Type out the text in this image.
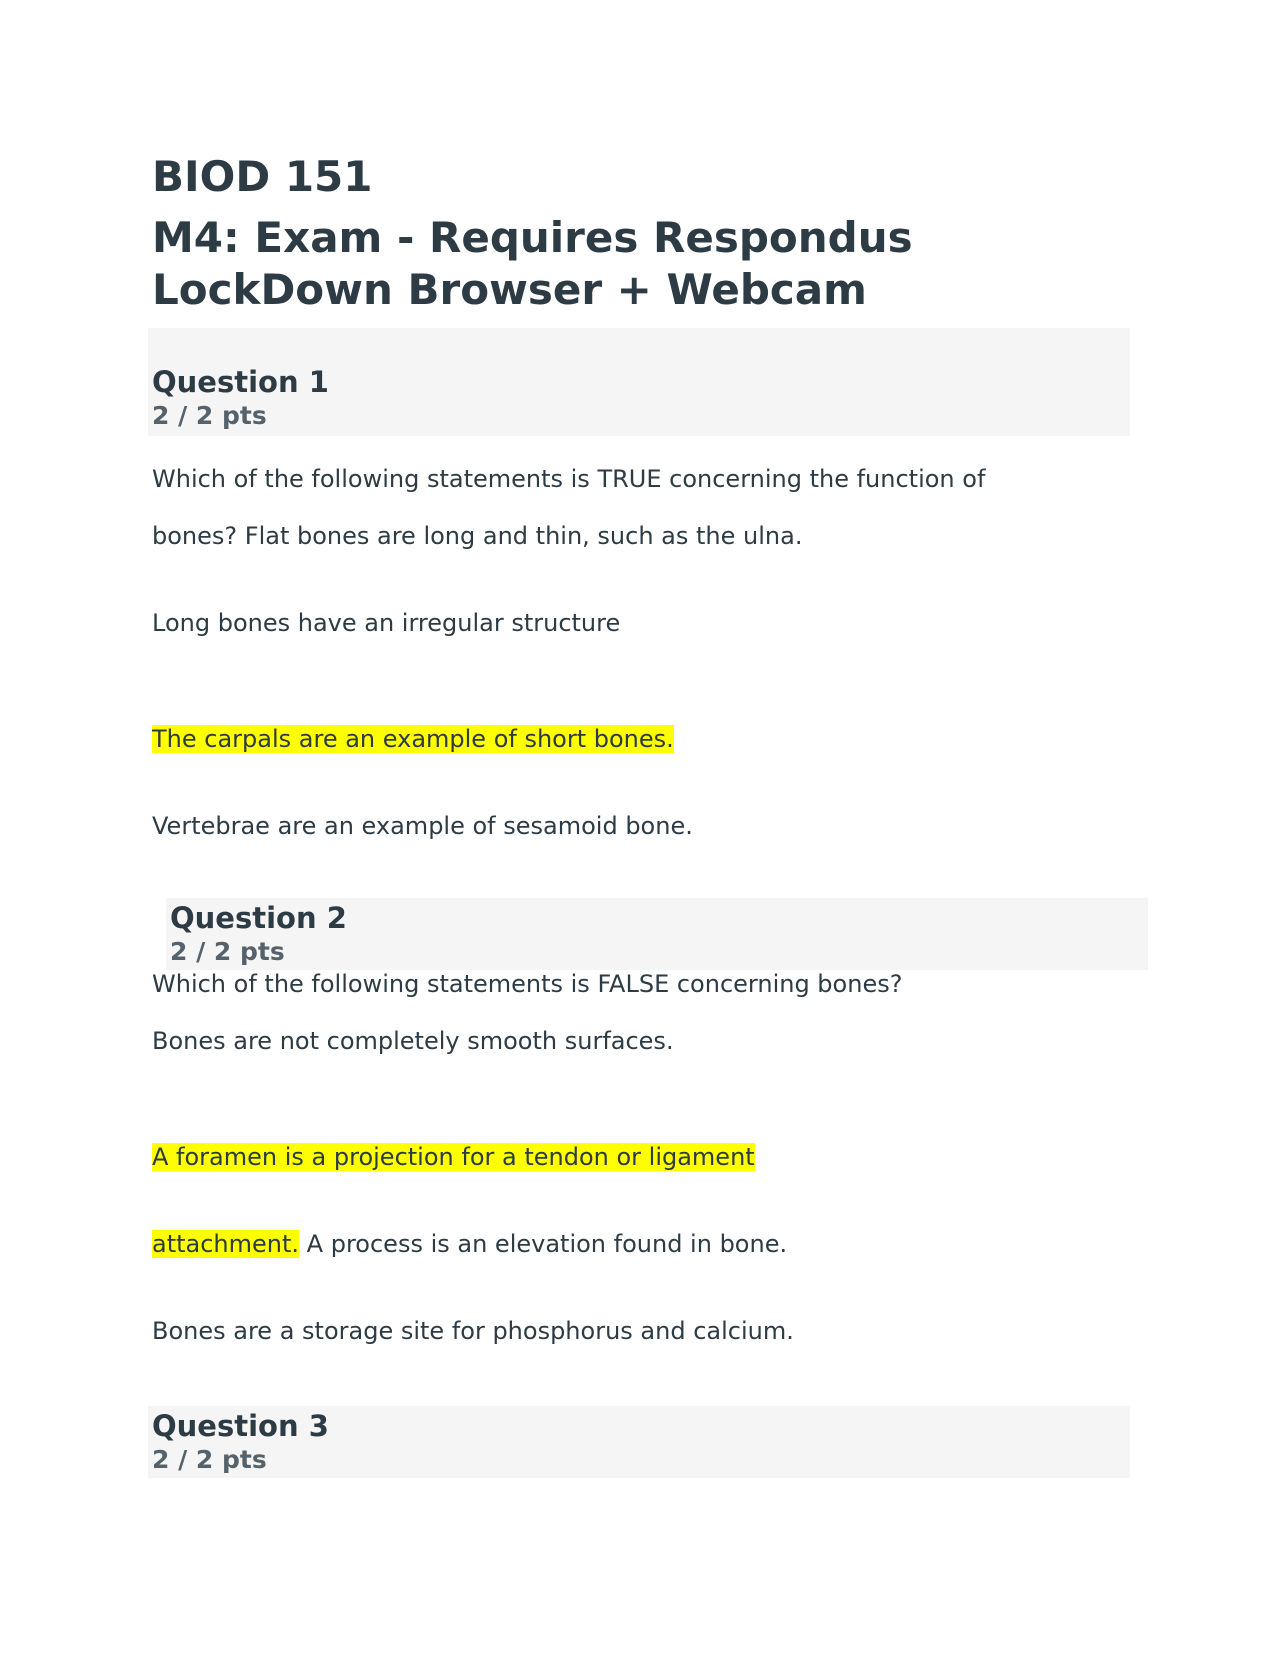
BIOD 151
M4: Exam - Requires Respondus LockDown Browser + Webcam
Question 1
2 / 2 pts

Which of the following statements is TRUE concerning the function of

bones? Flat bones are long and thin, such as the ulna.

Long bones have an irregular structure

The carpals are an example of short bones.

Vertebrae are an example of sesamoid bone.

Question 2
2 / 2 pts

Which of the following statements is FALSE concerning bones?

Bones are not completely smooth surfaces.

A foramen is a projection for a tendon or ligament

attachment. A process is an elevation found in bone.

Bones are a storage site for phosphorus and calcium.

Question 3
2 / 2 pts
